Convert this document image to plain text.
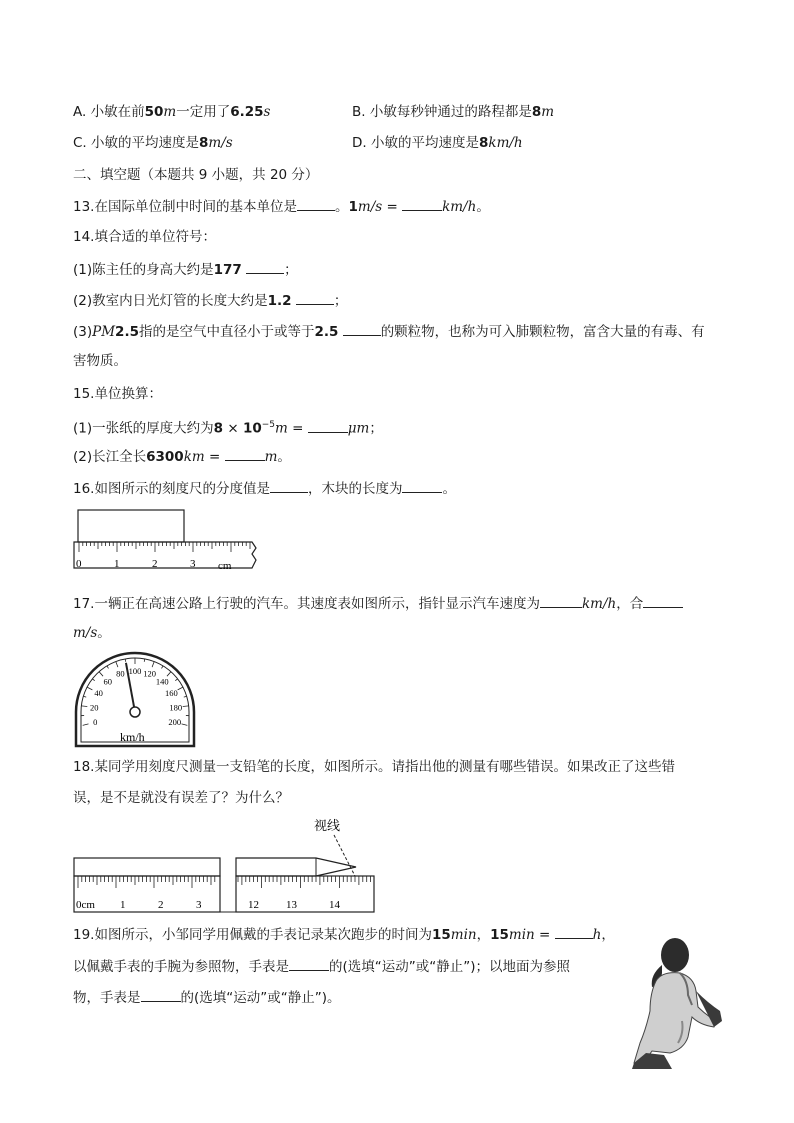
A. 小敏在前50m一定用了6.25s	B. 小敏每秒钟通过的路程都是8m
C. 小敏的平均速度是8m/s	D. 小敏的平均速度是8km/h
二、填空题（本题共 9 小题，共 20 分）
13.在国际单位制中时间的基本单位是	。1m/s =	km/h。
14.填合适的单位符号：
(1)陈主任的身高大约是177	；
(2)教室内日光灯管的长度大约是1.2	；
(3)PM2.5指的是空气中直径小于或等于2.5	的颗粒物，也称为可入肺颗粒物，富含大量的有毒、有
害物质。
15.单位换算：
(1)一张纸的厚度大约为$8 \times 10^{-5}m$ =	μm；
(2)长江全长6300km =	m。
16.如图所示的刻度尺的分度值是	，木块的长度为	。
0	1	2	3 cm
17.一辆正在高速公路上行驶的汽车。其速度表如图所示，指针显示汽车速度为	km/h，合
m/s。
0
20
40
60
80 100 120
140
160
180
200
km/h
18.某同学用刻度尺测量一支铅笔的长度，如图所示。请指出他的测量有哪些错误。如果改正了这些错
误，是不是就没有误差了？为什么？
视线
0cm 1	2	3	12 13	14
19.如图所示，小邹同学用佩戴的手表记录某次跑步的时间为15min，15min =	h，
以佩戴手表的手腕为参照物，手表是	的(选填“运动”或“静止”)；以地面为参照
物，手表是	的(选填“运动”或“静止”)。
